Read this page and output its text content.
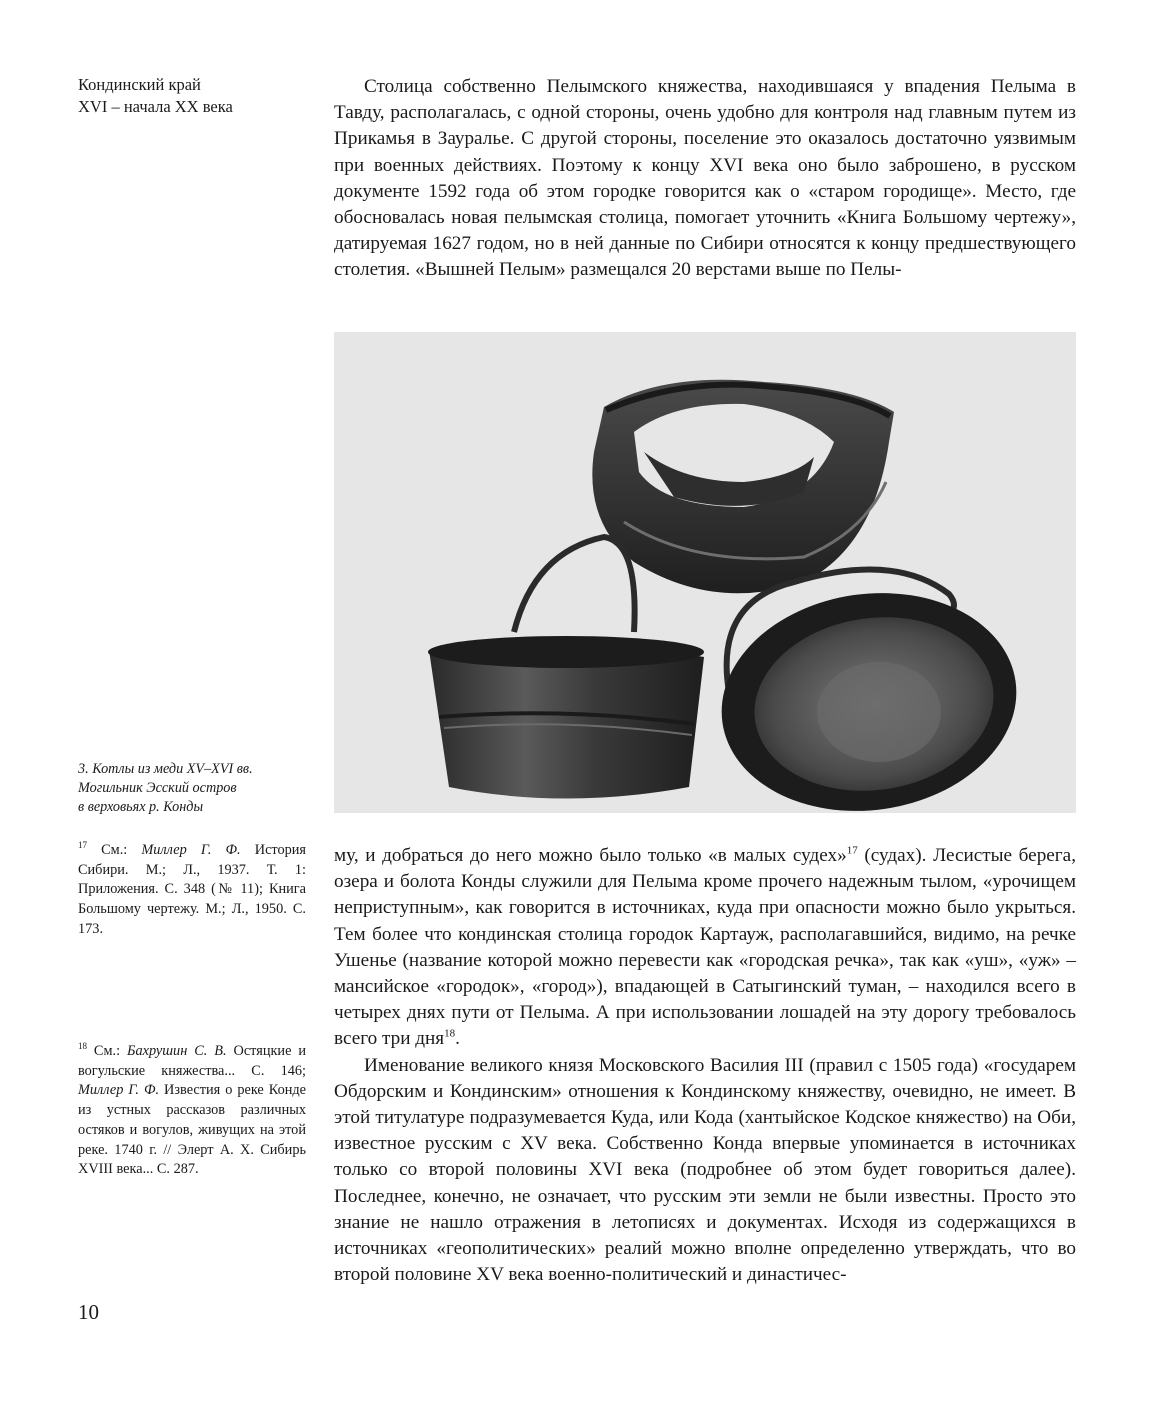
Кондинский край
XVI – начала XX века

Столица собственно Пелымского княжества, находившаяся у впадения Пелыма в Тавду, располагалась, с одной стороны, очень удобно для контроля над главным путем из Прикамья в Зауралье. С другой стороны, поселение это оказалось достаточно уязвимым при военных действиях. Поэтому к концу XVI века оно было заброшено, в русском документе 1592 года об этом городке говорится как о «старом городище». Место, где обосновалась новая пелымская столица, помогает уточнить «Книга Большому чертежу», датируемая 1627 годом, но в ней данные по Сибири относятся к концу предшествующего столетия. «Вышней Пелым» размещался 20 верстами выше по Пелы-

3. Котлы из меди XV–XVI вв.
Могильник Эсский остров
в верховьях р. Конды
$^{17}$ См.: Миллер Г. Ф. История Сибири. М.; Л., 1937. Т. 1: Приложения. С. 348 (№ 11); Книга Большому чертежу. М.; Л., 1950. С. 173.
$^{18}$ См.: Бахрушин С. В. Остяцкие и вогульские княжества... С. 146; Миллер Г. Ф. Известия о реке Конде из устных рассказов различных остяков и вогулов, живущих на этой реке. 1740 г. // Элерт А. Х. Сибирь XVIII века... С. 287.

му, и добраться до него можно было только «в малых судех»$^{17}$ (судах). Лесистые берега, озера и болота Конды служили для Пелыма кроме прочего надежным тылом, «урочищем неприступным», как говорится в источниках, куда при опасности можно было укрыться. Тем более что кондинская столица городок Картауж, располагавшийся, видимо, на речке Ушенье (название которой можно перевести как «городская речка», так как «уш», «уж» – мансийское «городок», «город»), впадающей в Сатыгинский туман, – находился всего в четырех днях пути от Пелыма. А при использовании лошадей на эту дорогу требовалось всего три дня$^{18}$.

Именование великого князя Московского Василия III (правил с 1505 года) «государем Обдорским и Кондинским» отношения к Кондинскому княжеству, очевидно, не имеет. В этой титулатуре подразумевается Куда, или Кода (хантыйское Кодское княжество) на Оби, известное русским с XV века. Собственно Конда впервые упоминается в источниках только со второй половины XVI века (подробнее об этом будет говориться далее). Последнее, конечно, не означает, что русским эти земли не были известны. Просто это знание не нашло отражения в летописях и документах. Исходя из содержащихся в источниках «геополитических» реалий можно вполне определенно утверждать, что во второй половине XV века военно-политический и династичес-

10
